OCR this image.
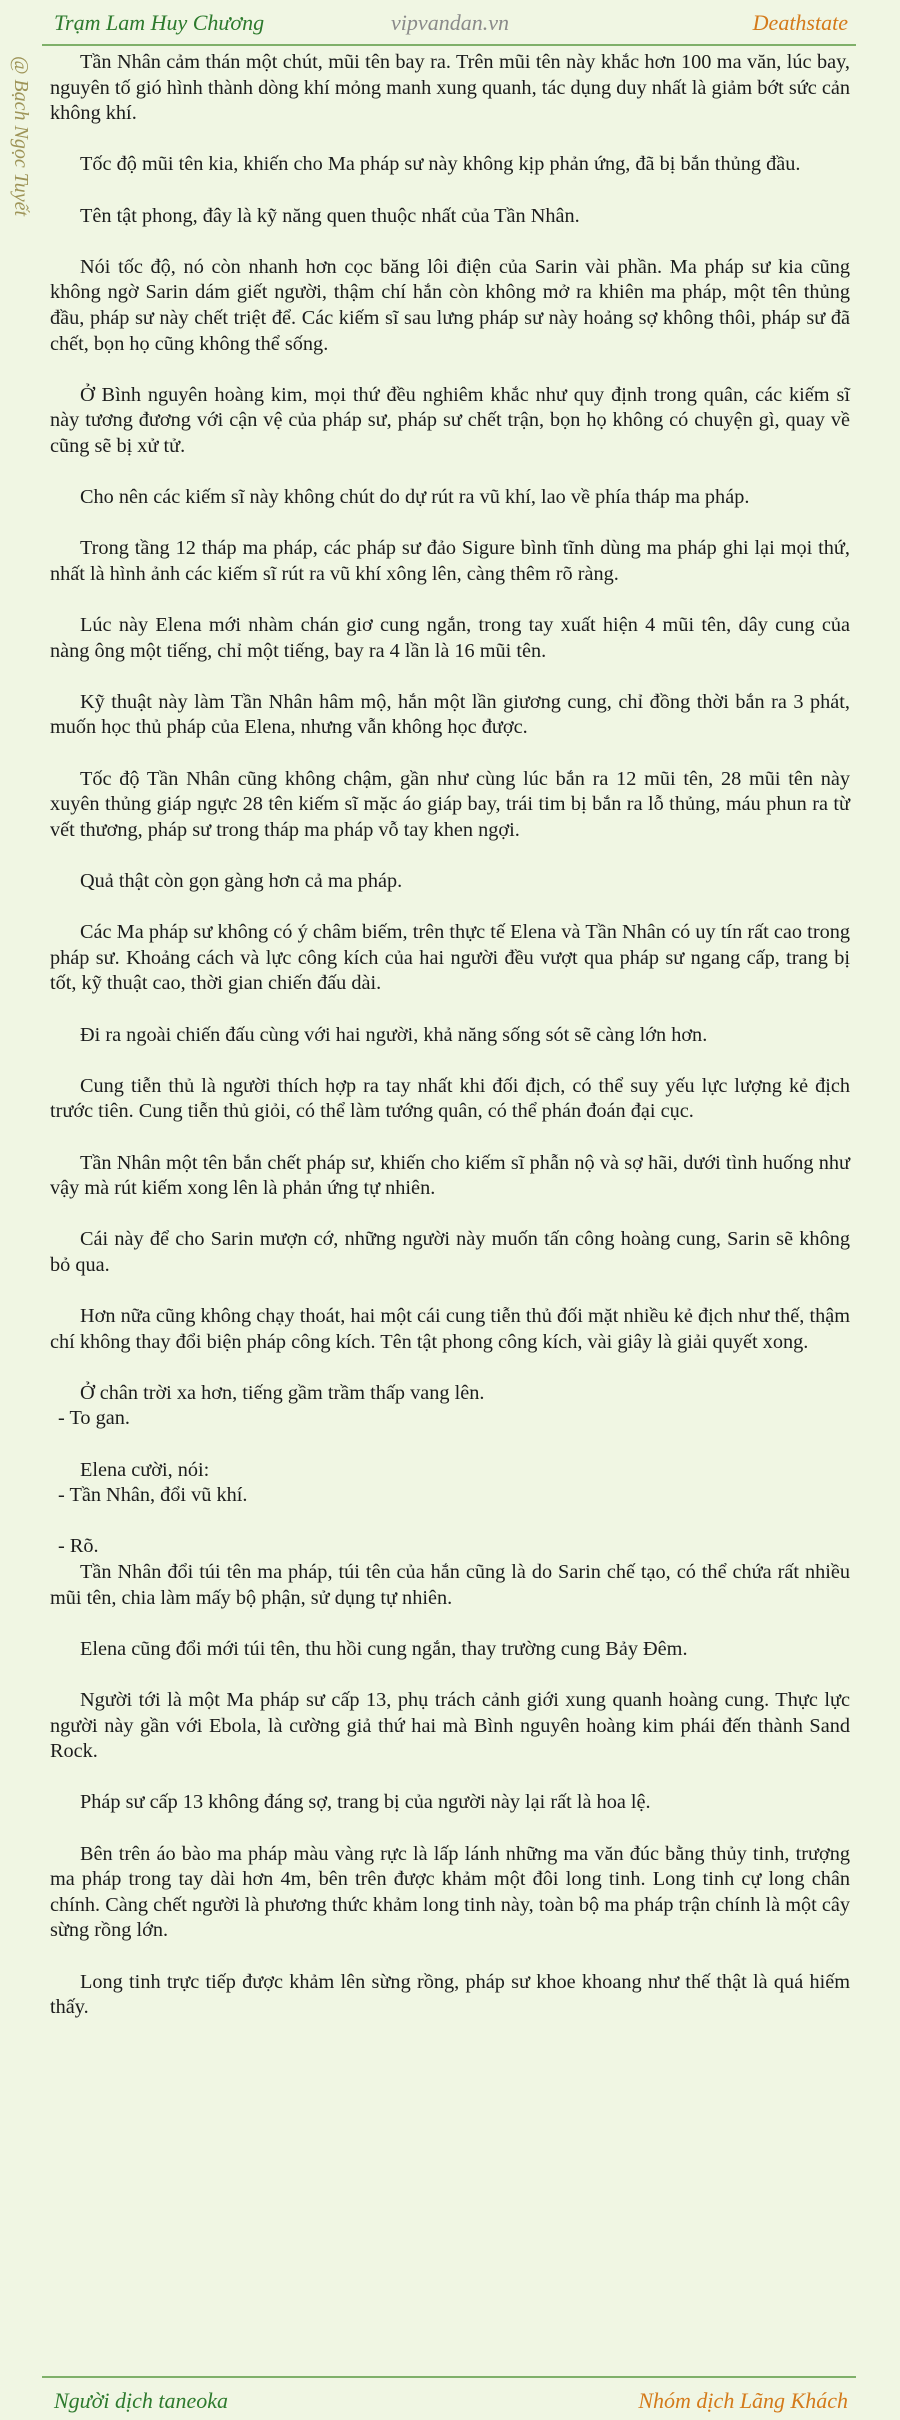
Trạm Lam Huy Chương	vipvandan.vn	Deathstate
@ Bạch Ngọc Tuyết	Tần Nhân cảm thán một chút, mũi tên bay ra. Trên mũi tên này khắc hơn 100 ma văn, lúc bay, nguyên tố gió hình thành dòng khí mỏng manh xung quanh, tác dụng duy nhất là giảm bớt sức cản không khí.

Tốc độ mũi tên kia, khiến cho Ma pháp sư này không kịp phản ứng, đã bị bắn thủng đầu.

Tên tật phong, đây là kỹ năng quen thuộc nhất của Tần Nhân.

Nói tốc độ, nó còn nhanh hơn cọc băng lôi điện của Sarin vài phần. Ma pháp sư kia cũng không ngờ Sarin dám giết người, thậm chí hắn còn không mở ra khiên ma pháp, một tên thủng đầu, pháp sư này chết triệt để. Các kiếm sĩ sau lưng pháp sư này hoảng sợ không thôi, pháp sư đã chết, bọn họ cũng không thể sống.

Ở Bình nguyên hoàng kim, mọi thứ đều nghiêm khắc như quy định trong quân, các kiếm sĩ này tương đương với cận vệ của pháp sư, pháp sư chết trận, bọn họ không có chuyện gì, quay về cũng sẽ bị xử tử.

Cho nên các kiếm sĩ này không chút do dự rút ra vũ khí, lao về phía tháp ma pháp.

Trong tầng 12 tháp ma pháp, các pháp sư đảo Sigure bình tĩnh dùng ma pháp ghi lại mọi thứ, nhất là hình ảnh các kiếm sĩ rút ra vũ khí xông lên, càng thêm rõ ràng.

Lúc này Elena mới nhàm chán giơ cung ngắn, trong tay xuất hiện 4 mũi tên, dây cung của nàng ông một tiếng, chỉ một tiếng, bay ra 4 lần là 16 mũi tên.

Kỹ thuật này làm Tần Nhân hâm mộ, hắn một lần giương cung, chỉ đồng thời bắn ra 3 phát, muốn học thủ pháp của Elena, nhưng vẫn không học được.

Tốc độ Tần Nhân cũng không chậm, gần như cùng lúc bắn ra 12 mũi tên, 28 mũi tên này xuyên thủng giáp ngực 28 tên kiếm sĩ mặc áo giáp bay, trái tim bị bắn ra lỗ thủng, máu phun ra từ vết thương, pháp sư trong tháp ma pháp vỗ tay khen ngợi.

Quả thật còn gọn gàng hơn cả ma pháp.

Các Ma pháp sư không có ý châm biếm, trên thực tế Elena và Tần Nhân có uy tín rất cao trong pháp sư. Khoảng cách và lực công kích của hai người đều vượt qua pháp sư ngang cấp, trang bị tốt, kỹ thuật cao, thời gian chiến đấu dài.

Đi ra ngoài chiến đấu cùng với hai người, khả năng sống sót sẽ càng lớn hơn.

Cung tiễn thủ là người thích hợp ra tay nhất khi đối địch, có thể suy yếu lực lượng kẻ địch trước tiên. Cung tiễn thủ giỏi, có thể làm tướng quân, có thể phán đoán đại cục.

Tần Nhân một tên bắn chết pháp sư, khiến cho kiếm sĩ phẫn nộ và sợ hãi, dưới tình huống như vậy mà rút kiếm xong lên là phản ứng tự nhiên.

Cái này để cho Sarin mượn cớ, những người này muốn tấn công hoàng cung, Sarin sẽ không bỏ qua.

Hơn nữa cũng không chạy thoát, hai một cái cung tiễn thủ đối mặt nhiều kẻ địch như thế, thậm chí không thay đổi biện pháp công kích. Tên tật phong công kích, vài giây là giải quyết xong.

Ở chân trời xa hơn, tiếng gầm trầm thấp vang lên.

- To gan.

Elena cười, nói:

- Tần Nhân, đổi vũ khí.

- Rõ.

Tần Nhân đổi túi tên ma pháp, túi tên của hắn cũng là do Sarin chế tạo, có thể chứa rất nhiều mũi tên, chia làm mấy bộ phận, sử dụng tự nhiên.

Elena cũng đổi mới túi tên, thu hồi cung ngắn, thay trường cung Bảy Đêm.

Người tới là một Ma pháp sư cấp 13, phụ trách cảnh giới xung quanh hoàng cung. Thực lực người này gần với Ebola, là cường giả thứ hai mà Bình nguyên hoàng kim phái đến thành Sand Rock.

Pháp sư cấp 13 không đáng sợ, trang bị của người này lại rất là hoa lệ.

Bên trên áo bào ma pháp màu vàng rực là lấp lánh những ma văn đúc bằng thủy tinh, trượng ma pháp trong tay dài hơn 4m, bên trên được khảm một đôi long tinh. Long tinh cự long chân chính. Càng chết người là phương thức khảm long tinh này, toàn bộ ma pháp trận chính là một cây sừng rồng lớn.

Long tinh trực tiếp được khảm lên sừng rồng, pháp sư khoe khoang như thế thật là quá hiếm thấy.

Người dịch taneoka	Nhóm dịch Lãng Khách
